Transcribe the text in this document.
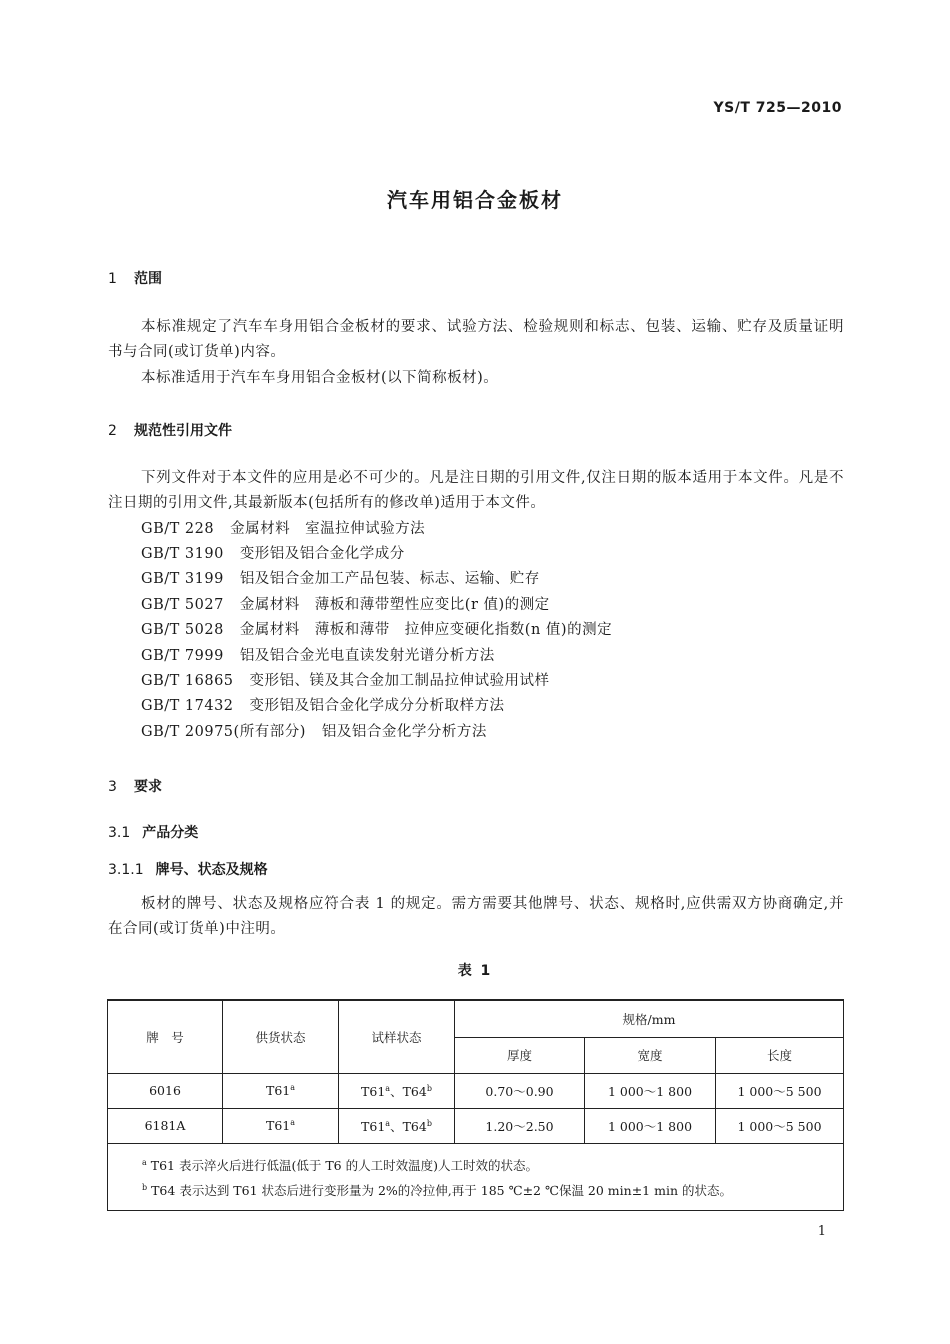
YS/T 725—2010
汽车用铝合金板材
1 范围
本标准规定了汽车车身用铝合金板材的要求、试验方法、检验规则和标志、包装、运输、贮存及质量证明书与合同(或订货单)内容。
本标准适用于汽车车身用铝合金板材(以下简称板材)。
2 规范性引用文件
下列文件对于本文件的应用是必不可少的。凡是注日期的引用文件,仅注日期的版本适用于本文件。凡是不注日期的引用文件,其最新版本(包括所有的修改单)适用于本文件。
GB/T 228 金属材料　室温拉伸试验方法
GB/T 3190 变形铝及铝合金化学成分
GB/T 3199 铝及铝合金加工产品包装、标志、运输、贮存
GB/T 5027 金属材料　薄板和薄带塑性应变比(r 值)的测定
GB/T 5028 金属材料　薄板和薄带　拉伸应变硬化指数(n 值)的测定
GB/T 7999 铝及铝合金光电直读发射光谱分析方法
GB/T 16865 变形铝、镁及其合金加工制品拉伸试验用试样
GB/T 17432 变形铝及铝合金化学成分分析取样方法
GB/T 20975(所有部分) 铝及铝合金化学分析方法
3 要求
3.1 产品分类
3.1.1 牌号、状态及规格
板材的牌号、状态及规格应符合表 1 的规定。需方需要其他牌号、状态、规格时,应供需双方协商确定,并在合同(或订货单)中注明。
表 1
牌　号	供货状态	试样状态	规格/mm		
			厚度	宽度	长度
6016	T61$^a$	T61$^a$、T64$^b$	0.70～0.90	1 000～1 800	1 000～5 500
6181A	T61$^a$	T61$^a$、T64$^b$	1.20～2.50	1 000～1 800	1 000～5 500

$^a$ T61 表示淬火后进行低温(低于 T6 的人工时效温度)人工时效的状态。
$^b$ T64 表示达到 T61 状态后进行变形量为 2%的冷拉伸,再于 185 ℃±2 ℃保温 20 min±1 min 的状态。					
1
